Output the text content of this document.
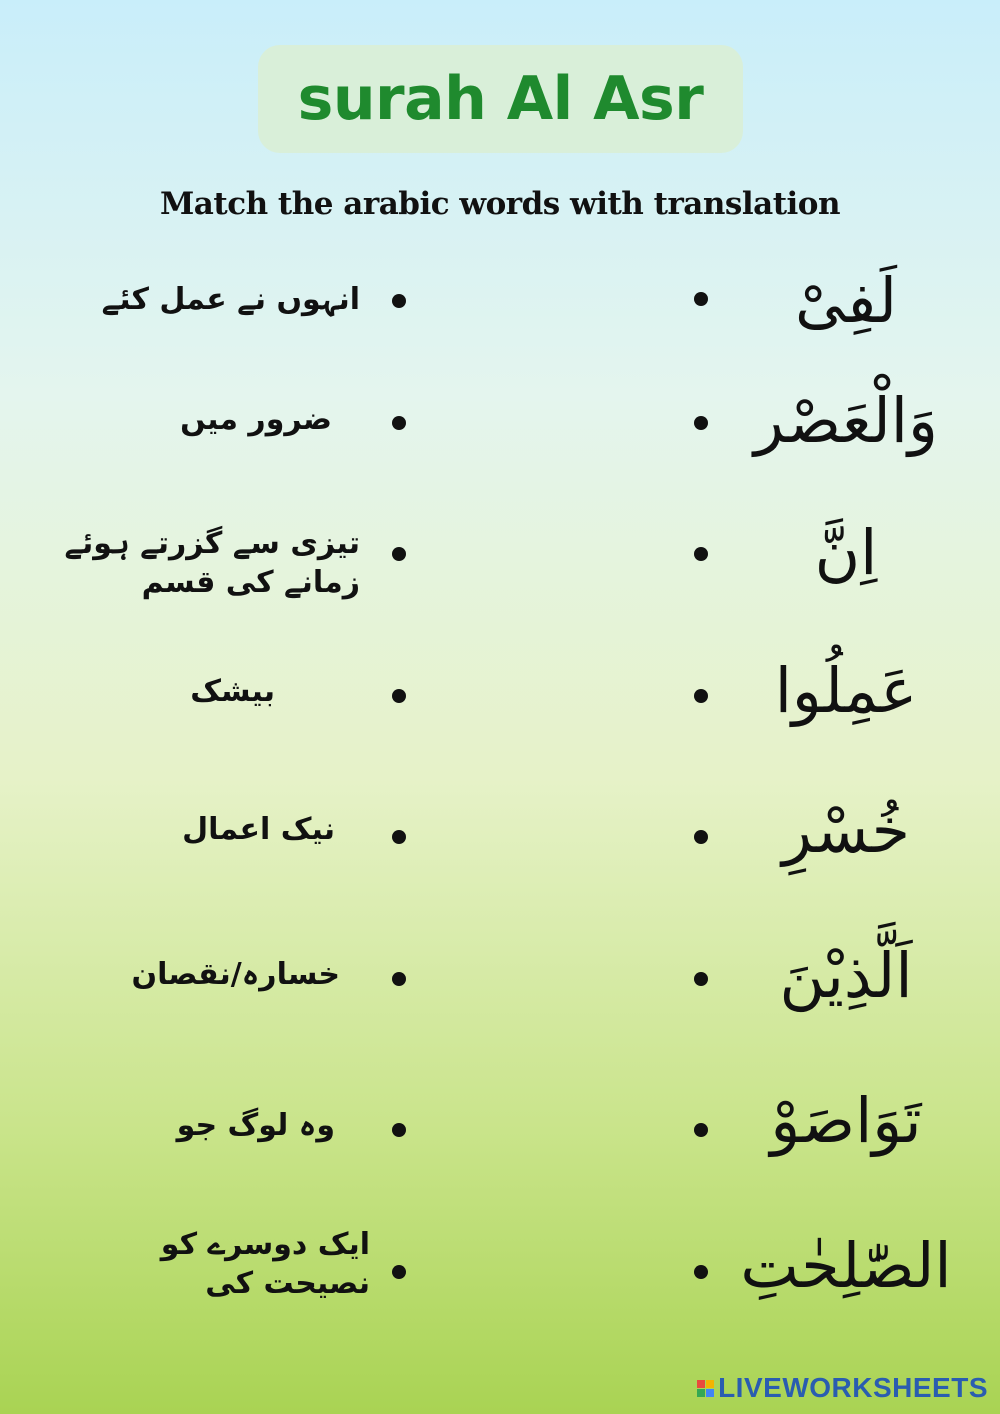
surah Al Asr
Match the arabic words with translation
انہوں نے عمل کئے	لَفِیْ
ضرور میں	وَالْعَصْر
تیزی سے گزرتے ہوئے زمانے کی قسم	اِنَّ
بیشک	عَمِلُوا
نیک اعمال	خُسْرِ
خسارہ/نقصان	اَلَّذِیْنَ
وہ لوگ جو	تَوَاصَوْ
ایک دوسرے کو نصیحت کی	الصّٰلِحٰتِ
LIVEWORKSHEETS
